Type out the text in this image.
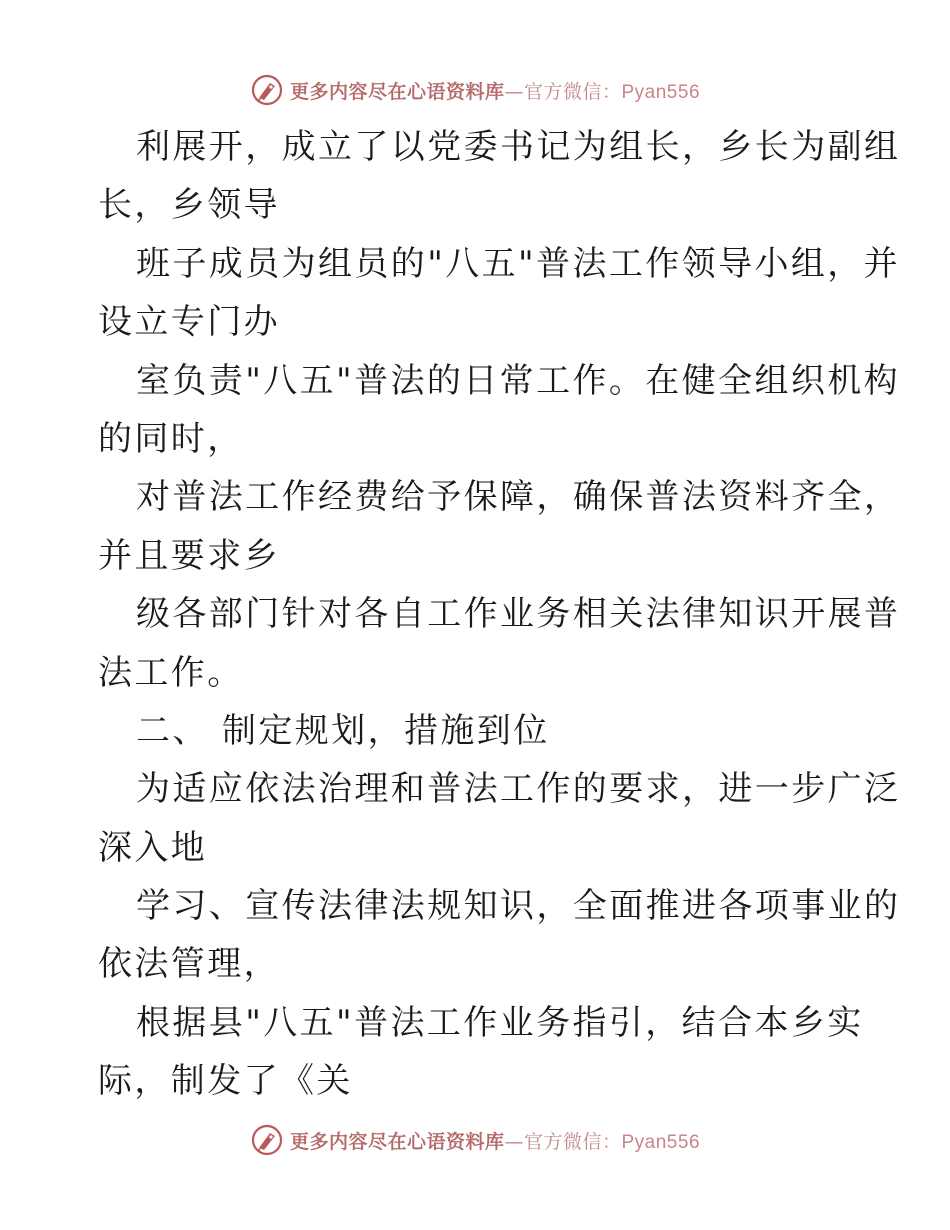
更多内容尽在心语资料库—官方微信：Pyan556
利展开，成立了以党委书记为组长，乡长为副组
长，乡领导
班子成员为组员的"八五"普法工作领导小组，并
设立专门办
室负责"八五"普法的日常工作。在健全组织机构
的同时，
对普法工作经费给予保障，确保普法资料齐全，
并且要求乡
级各部门针对各自工作业务相关法律知识开展普
法工作。
二、 制定规划，措施到位
为适应依法治理和普法工作的要求，进一步广泛
深入地
学习、宣传法律法规知识，全面推进各项事业的
依法管理，
根据县"八五"普法工作业务指引，结合本乡实
际，制发了《关
更多内容尽在心语资料库—官方微信：Pyan556
